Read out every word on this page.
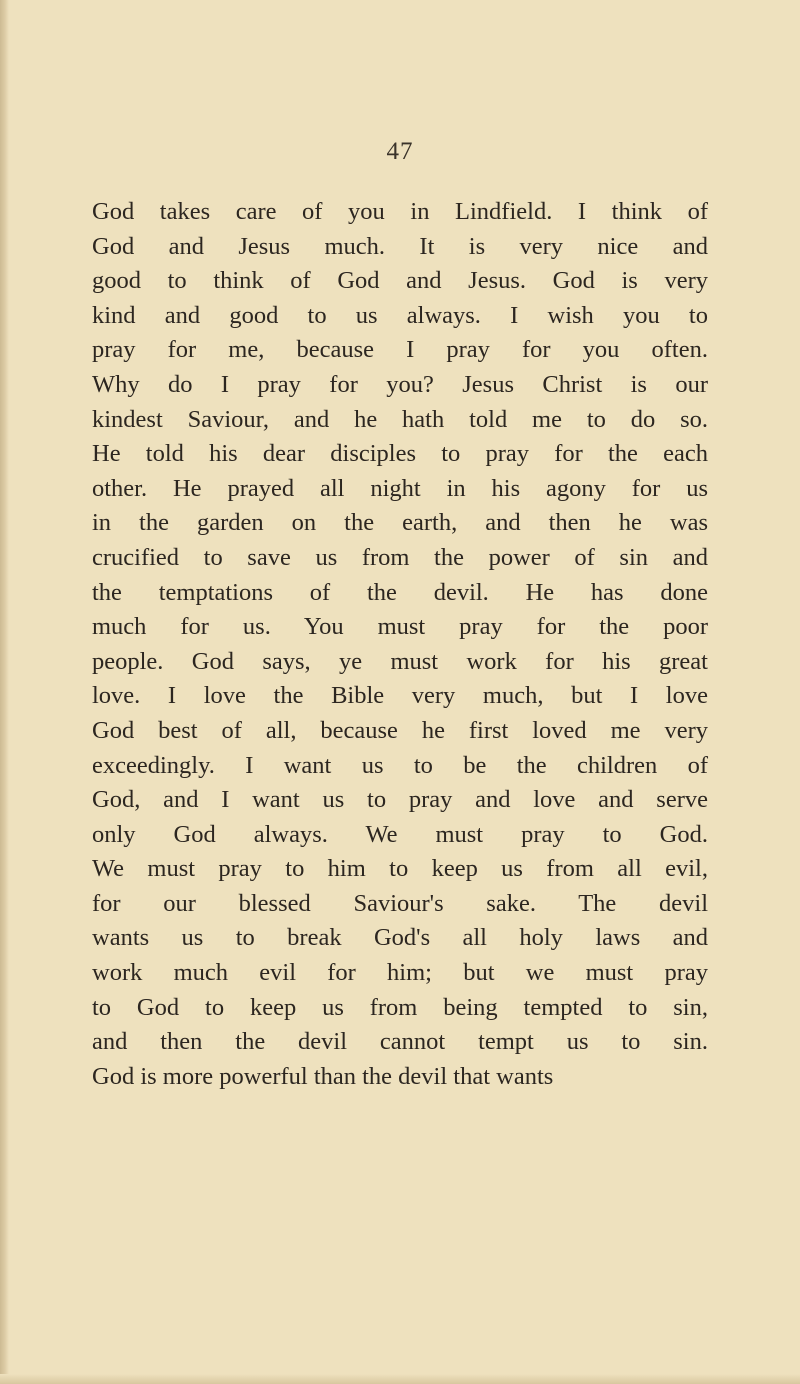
47
God takes care of you in Lindfield. I think of
God and Jesus much. It is very nice and
good to think of God and Jesus. God is very
kind and good to us always. I wish you to
pray for me, because I pray for you often.
Why do I pray for you? Jesus Christ is our
kindest Saviour, and he hath told me to do so.
He told his dear disciples to pray for the each
other. He prayed all night in his agony for us
in the garden on the earth, and then he was
crucified to save us from the power of sin and
the temptations of the devil. He has done
much for us. You must pray for the poor
people. God says, ye must work for his great
love. I love the Bible very much, but I love
God best of all, because he first loved me very
exceedingly. I want us to be the children of
God, and I want us to pray and love and serve
only God always. We must pray to God.
We must pray to him to keep us from all evil,
for our blessed Saviour's sake. The devil
wants us to break God's all holy laws and
work much evil for him; but we must pray
to God to keep us from being tempted to sin,
and then the devil cannot tempt us to sin.
God is more powerful than the devil that wants
